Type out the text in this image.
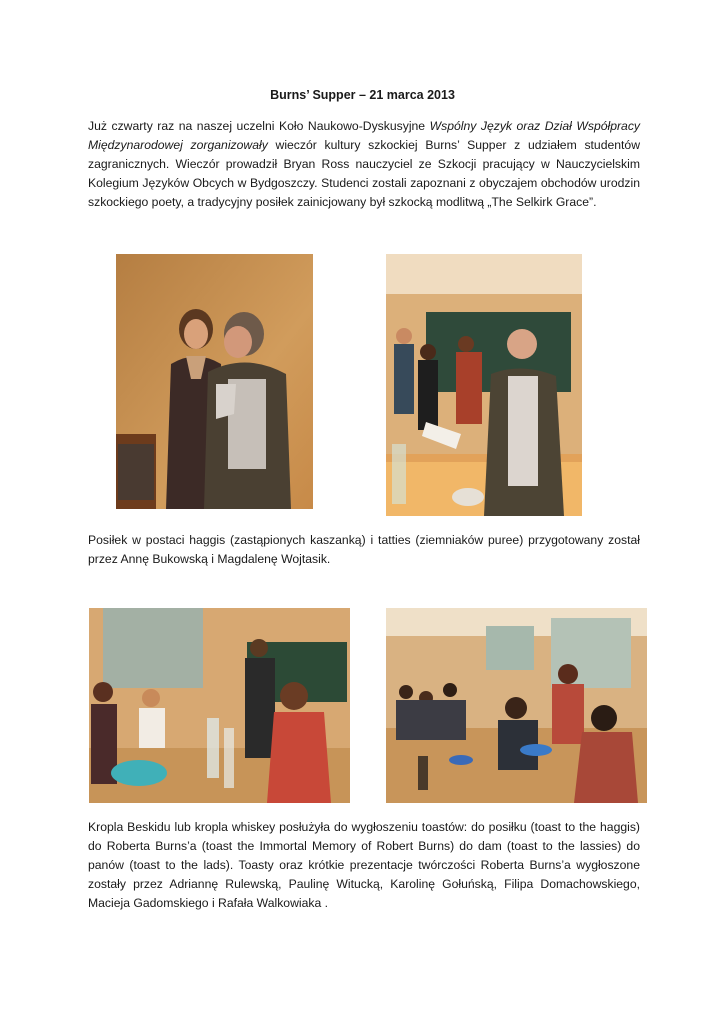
Burns’ Supper – 21 marca 2013
Już czwarty raz na naszej uczelni Koło Naukowo-Dyskusyjne Wspólny Język oraz Dział Współpracy Międzynarodowej zorganizowały wieczór kultury szkockiej Burns’ Supper z udziałem studentów zagranicznych. Wieczór prowadził Bryan Ross nauczyciel ze Szkocji pracujący w Nauczycielskim Kolegium Języków Obcych w Bydgoszczy. Studenci zostali zapoznani z obyczajem obchodów urodzin szkockiego poety, a tradycyjny posiłek zainicjowany był szkocką modlitwą „The Selkirk Grace”.
Posiłek w postaci haggis (zastąpionych kaszanką) i tatties (ziemniaków puree) przygotowany został przez Annę Bukowską i Magdalenę Wojtasik.
Kropla Beskidu lub kropla whiskey posłużyła do wygłoszeniu toastów: do posiłku (toast to the haggis) do Roberta Burns’a (toast the Immortal Memory of Robert Burns) do dam (toast to the lassies) do panów (toast to the lads). Toasty oraz krótkie prezentacje twórczości Roberta Burns’a wygłoszone zostały przez Adriannę Rulewską, Paulinę Witucką, Karolinę Gołuńską, Filipa Domachowskiego, Macieja Gadomskiego i Rafała Walkowiaka .
